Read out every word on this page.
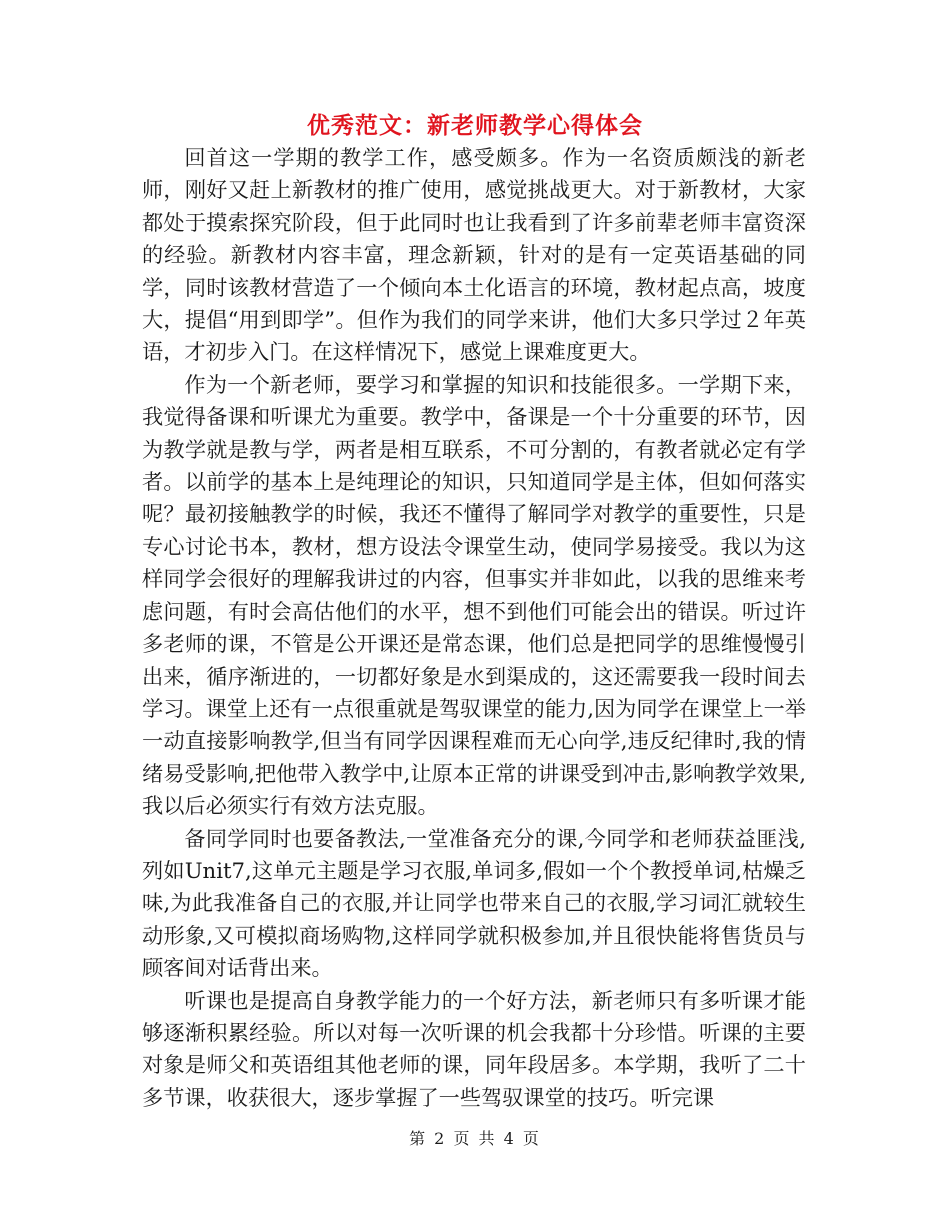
优秀范文：新老师教学心得体会

回首这一学期的教学工作，感受颇多。作为一名资质颇浅的新老师，刚好又赶上新教材的推广使用，感觉挑战更大。对于新教材，大家都处于摸索探究阶段，但于此同时也让我看到了许多前辈老师丰富资深的经验。新教材内容丰富，理念新颖，针对的是有一定英语基础的同学，同时该教材营造了一个倾向本土化语言的环境，教材起点高，坡度大，提倡“用到即学”。但作为我们的同学来讲，他们大多只学过２年英语，才初步入门。在这样情况下，感觉上课难度更大。

作为一个新老师，要学习和掌握的知识和技能很多。一学期下来，我觉得备课和听课尤为重要。教学中，备课是一个十分重要的环节，因为教学就是教与学，两者是相互联系，不可分割的，有教者就必定有学者。以前学的基本上是纯理论的知识，只知道同学是主体，但如何落实呢？最初接触教学的时候，我还不懂得了解同学对教学的重要性，只是专心讨论书本，教材，想方设法令课堂生动，使同学易接受。我以为这样同学会很好的理解我讲过的内容，但事实并非如此，以我的思维来考虑问题，有时会高估他们的水平，想不到他们可能会出的错误。听过许多老师的课，不管是公开课还是常态课，他们总是把同学的思维慢慢引出来，循序渐进的，一切都好象是水到渠成的，这还需要我一段时间去学习。课堂上还有一点很重就是驾驭课堂的能力,因为同学在课堂上一举一动直接影响教学,但当有同学因课程难而无心向学,违反纪律时,我的情绪易受影响,把他带入教学中,让原本正常的讲课受到冲击,影响教学效果,我以后必须实行有效方法克服。

备同学同时也要备教法,一堂准备充分的课,今同学和老师获益匪浅,列如Unit7,这单元主题是学习衣服,单词多,假如一个个教授单词,枯燥乏味,为此我准备自己的衣服,并让同学也带来自己的衣服,学习词汇就较生动形象,又可模拟商场购物,这样同学就积极参加,并且很快能将售货员与顾客间对话背出来。

听课也是提高自身教学能力的一个好方法，新老师只有多听课才能够逐渐积累经验。所以对每一次听课的机会我都十分珍惜。听课的主要对象是师父和英语组其他老师的课，同年段居多。本学期，我听了二十多节课，收获很大，逐步掌握了一些驾驭课堂的技巧。听完课

第 2 页 共 4 页
